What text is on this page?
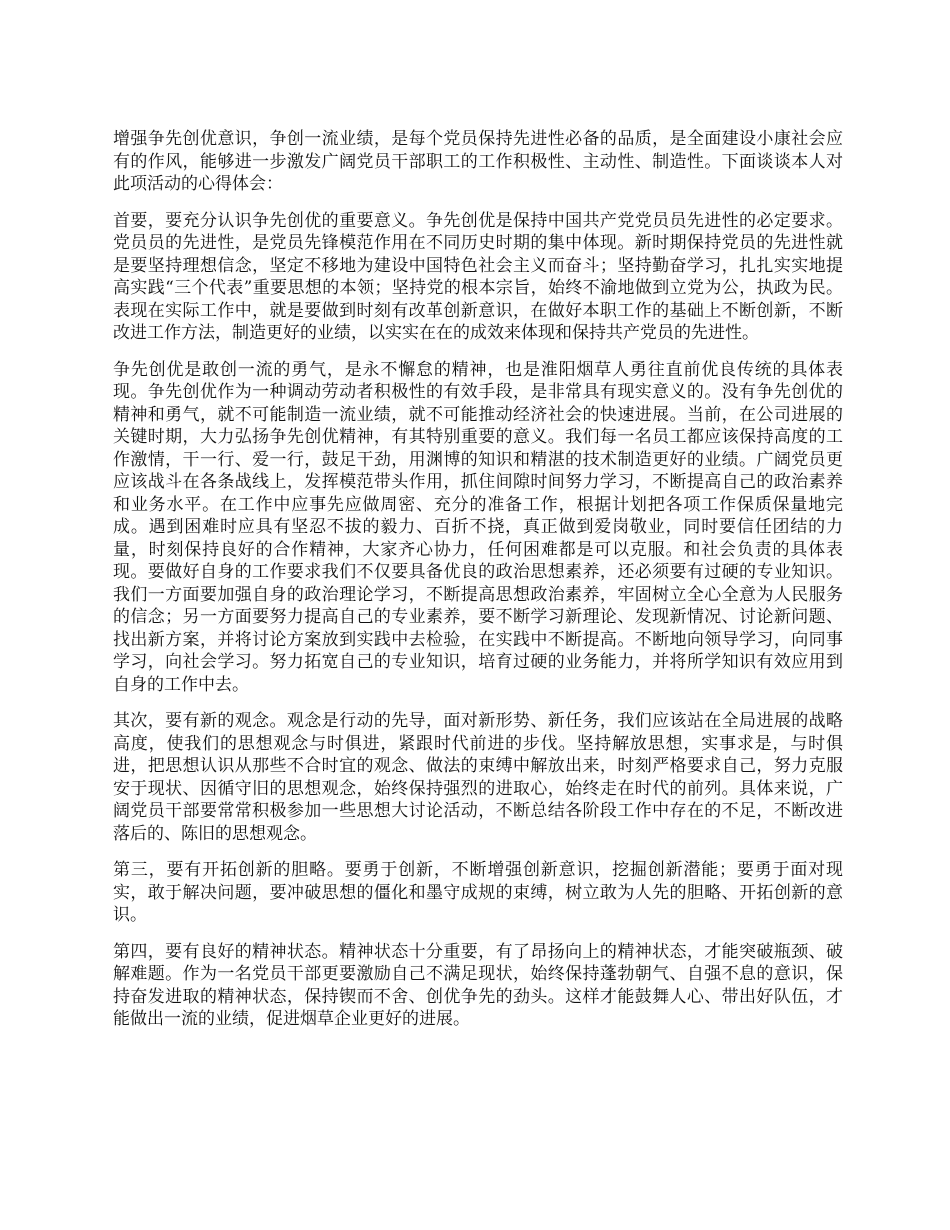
增强争先创优意识，争创一流业绩，是每个党员保持先进性必备的品质，是全面建设小康社会应有的作风，能够进一步激发广阔党员干部职工的工作积极性、主动性、制造性。下面谈谈本人对此项活动的心得体会：

首要，要充分认识争先创优的重要意义。争先创优是保持中国共产党党员员先进性的必定要求。党员员的先进性，是党员先锋模范作用在不同历史时期的集中体现。新时期保持党员的先进性就是要坚持理想信念，坚定不移地为建设中国特色社会主义而奋斗；坚持勤奋学习，扎扎实实地提高实践“三个代表”重要思想的本领；坚持党的根本宗旨，始终不渝地做到立党为公，执政为民。表现在实际工作中，就是要做到时刻有改革创新意识，在做好本职工作的基础上不断创新，不断改进工作方法，制造更好的业绩，以实实在在的成效来体现和保持共产党员的先进性。

争先创优是敢创一流的勇气，是永不懈怠的精神，也是淮阳烟草人勇往直前优良传统的具体表现。争先创优作为一种调动劳动者积极性的有效手段，是非常具有现实意义的。没有争先创优的精神和勇气，就不可能制造一流业绩，就不可能推动经济社会的快速进展。当前，在公司进展的关键时期，大力弘扬争先创优精神，有其特别重要的意义。我们每一名员工都应该保持高度的工作激情，干一行、爱一行，鼓足干劲，用渊博的知识和精湛的技术制造更好的业绩。广阔党员更应该战斗在各条战线上，发挥模范带头作用，抓住间隙时间努力学习，不断提高自己的政治素养和业务水平。在工作中应事先应做周密、充分的准备工作，根据计划把各项工作保质保量地完成。遇到困难时应具有坚忍不拔的毅力、百折不挠，真正做到爱岗敬业，同时要信任团结的力量，时刻保持良好的合作精神，大家齐心协力，任何困难都是可以克服。和社会负责的具体表现。要做好自身的工作要求我们不仅要具备优良的政治思想素养，还必须要有过硬的专业知识。我们一方面要加强自身的政治理论学习，不断提高思想政治素养，牢固树立全心全意为人民服务的信念；另一方面要努力提高自己的专业素养，要不断学习新理论、发现新情况、讨论新问题、找出新方案，并将讨论方案放到实践中去检验，在实践中不断提高。不断地向领导学习，向同事学习，向社会学习。努力拓宽自己的专业知识，培育过硬的业务能力，并将所学知识有效应用到自身的工作中去。

其次，要有新的观念。观念是行动的先导，面对新形势、新任务，我们应该站在全局进展的战略高度，使我们的思想观念与时俱进，紧跟时代前进的步伐。坚持解放思想，实事求是，与时俱进，把思想认识从那些不合时宜的观念、做法的束缚中解放出来，时刻严格要求自己，努力克服安于现状、因循守旧的思想观念，始终保持强烈的进取心，始终走在时代的前列。具体来说，广阔党员干部要常常积极参加一些思想大讨论活动，不断总结各阶段工作中存在的不足，不断改进落后的、陈旧的思想观念。

第三，要有开拓创新的胆略。要勇于创新，不断增强创新意识，挖掘创新潜能；要勇于面对现实，敢于解决问题，要冲破思想的僵化和墨守成规的束缚，树立敢为人先的胆略、开拓创新的意识。

第四，要有良好的精神状态。精神状态十分重要，有了昂扬向上的精神状态，才能突破瓶颈、破解难题。作为一名党员干部更要激励自己不满足现状，始终保持蓬勃朝气、自强不息的意识，保持奋发进取的精神状态，保持锲而不舍、创优争先的劲头。这样才能鼓舞人心、带出好队伍，才能做出一流的业绩，促进烟草企业更好的进展。
